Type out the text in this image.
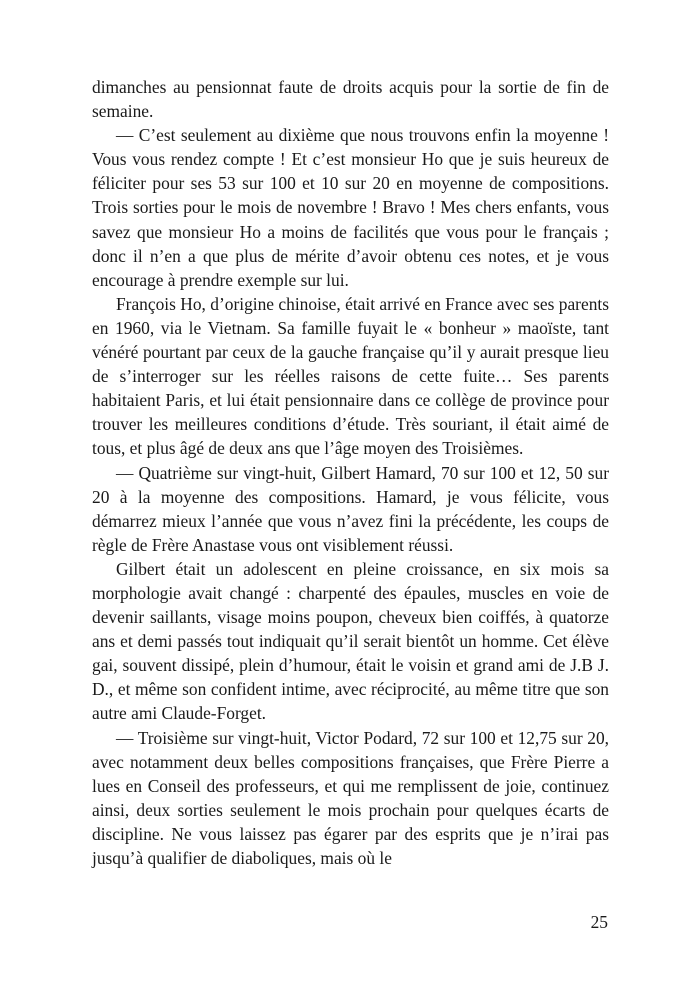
dimanches au pensionnat faute de droits acquis pour la sortie de fin de semaine.

— C’est seulement au dixième que nous trouvons enfin la moyenne ! Vous vous rendez compte ! Et c’est monsieur Ho que je suis heureux de féliciter pour ses 53 sur 100 et 10 sur 20 en moyenne de compositions. Trois sorties pour le mois de novembre ! Bravo ! Mes chers enfants, vous savez que monsieur Ho a moins de facilités que vous pour le français ; donc il n’en a que plus de mérite d’avoir obtenu ces notes, et je vous encourage à prendre exemple sur lui.

François Ho, d’origine chinoise, était arrivé en France avec ses parents en 1960, via le Vietnam. Sa famille fuyait le « bonheur » maoïste, tant vénéré pourtant par ceux de la gauche française qu’il y aurait presque lieu de s’interroger sur les réelles raisons de cette fuite… Ses parents habitaient Paris, et lui était pensionnaire dans ce collège de province pour trouver les meilleures conditions d’étude. Très souriant, il était aimé de tous, et plus âgé de deux ans que l’âge moyen des Troisièmes.

— Quatrième sur vingt-huit, Gilbert Hamard, 70 sur 100 et 12, 50 sur 20 à la moyenne des compositions. Hamard, je vous félicite, vous démarrez mieux l’année que vous n’avez fini la précédente, les coups de règle de Frère Anastase vous ont visiblement réussi.

Gilbert était un adolescent en pleine croissance, en six mois sa morphologie avait changé : charpenté des épaules, muscles en voie de devenir saillants, visage moins poupon, cheveux bien coiffés, à quatorze ans et demi passés tout indiquait qu’il serait bientôt un homme. Cet élève gai, souvent dissipé, plein d’humour, était le voisin et grand ami de J.B J. D., et même son confident intime, avec réciprocité, au même titre que son autre ami Claude-Forget.

— Troisième sur vingt-huit, Victor Podard, 72 sur 100 et 12,75 sur 20, avec notamment deux belles compositions françaises, que Frère Pierre a lues en Conseil des professeurs, et qui me remplissent de joie, continuez ainsi, deux sorties seulement le mois prochain pour quelques écarts de discipline. Ne vous laissez pas égarer par des esprits que je n’irai pas jusqu’à qualifier de diaboliques, mais où le

25
